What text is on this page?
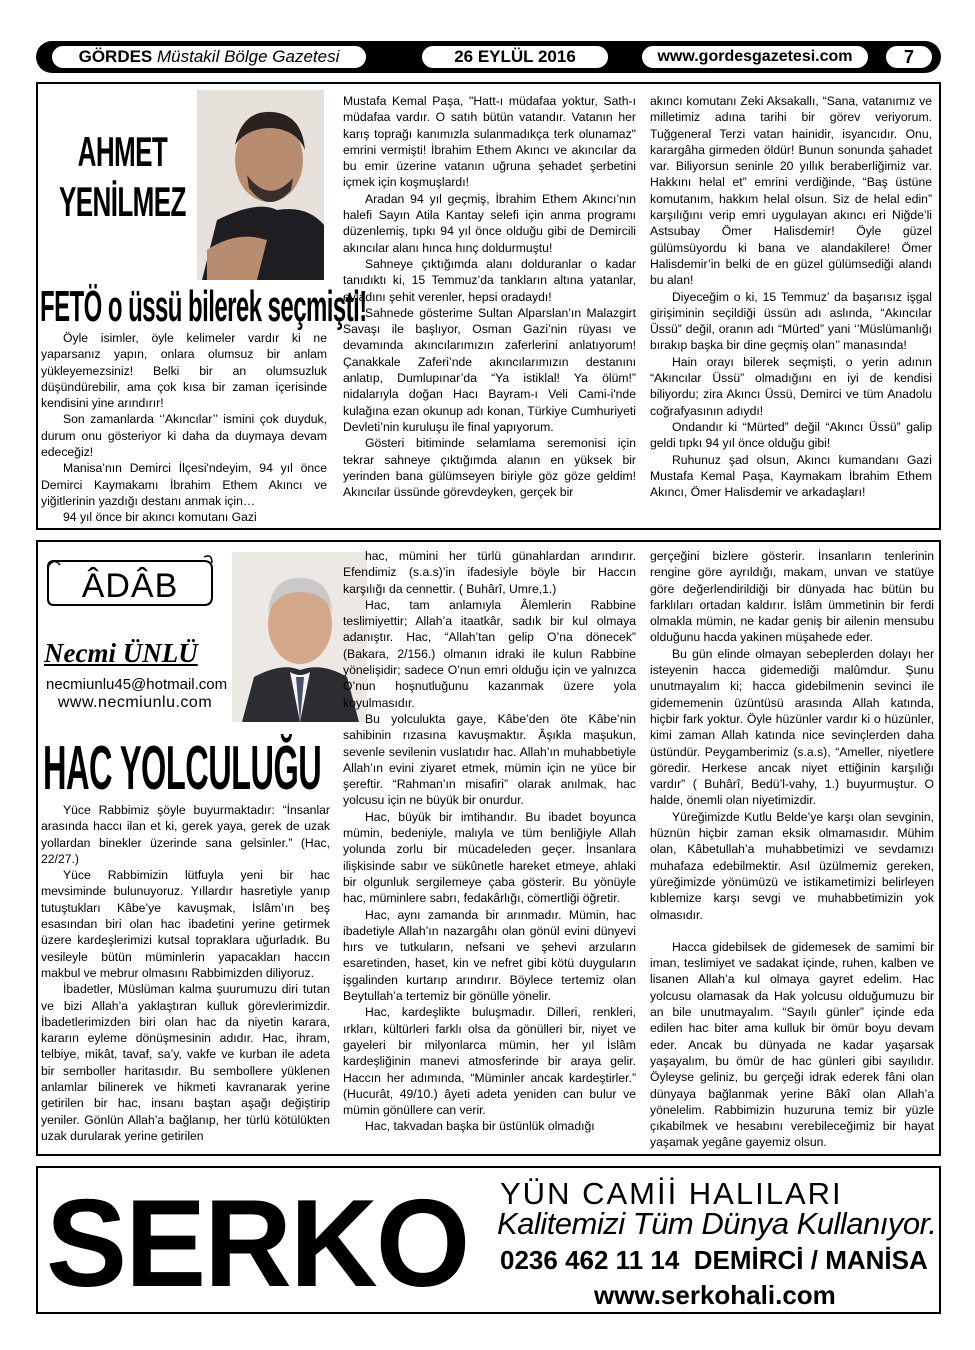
GÖRDES
Müstakil Bölge Gazetesi	26 EYLÜL 2016	www.gordesgazetesi.com	7
AHMET
YENİLMEZ
FETÖ o üssü bilerek seçmişti!

Öyle isimler, öyle kelimeler vardır ki ne yaparsanız yapın, onlara olumsuz bir anlam yükleyemezsiniz! Belki bir an olumsuzluk düşündürebilir, ama çok kısa bir zaman içerisinde kendisini yine arındırır!

Son zamanlarda ‘’Akıncılar’’ ismini çok duyduk, durum onu gösteriyor ki daha da duymaya devam edeceğiz!

Manisa’nın Demirci İlçesi'ndeyim, 94 yıl önce Demirci Kaymakamı İbrahim Ethem Akıncı ve yiğitlerinin yazdığı destanı anmak için…

94 yıl önce bir akıncı komutanı Gazi

Mustafa Kemal Paşa, "Hatt-ı müdafaa yoktur, Sath-ı müdafaa vardır. O satıh bütün vatandır. Vatanın her karış toprağı kanımızla sulanmadıkça terk olunamaz" emrini vermişti! İbrahim Ethem Akıncı ve akıncılar da bu emir üzerine vatanın uğruna şehadet şerbetini içmek için koşmuşlardı!

Aradan 94 yıl geçmiş, İbrahim Ethem Akıncı’nın halefi Sayın Atila Kantay selefi için anma programı düzenlemiş, tıpkı 94 yıl önce olduğu gibi de Demircili akıncılar alanı hınca hınç doldurmuştu!

Sahneye çıktığımda alanı dolduranlar o kadar tanıdıktı ki, 15 Temmuz’da tankların altına yatanlar, evladını şehit verenler, hepsi oradaydı!

Sahnede gösterime Sultan Alparslan’ın Malazgirt Savaşı ile başlıyor, Osman Gazi’nin rüyası ve devamında akıncılarımızın zaferlerini anlatıyorum! Çanakkale Zaferi’nde akıncılarımızın destanını anlatıp, Dumlupınar’da “Ya istiklal! Ya ölüm!” nidalarıyla doğan Hacı Bayram-ı Veli Cami-i'nde kulağına ezan okunup adı konan, Türkiye Cumhuriyeti Devleti’nin kuruluşu ile final yapıyorum.

Gösteri bitiminde selamlama seremonisi için tekrar sahneye çıktığımda alanın en yüksek bir yerinden bana gülümseyen biriyle göz göze geldim! Akıncılar üssünde görevdeyken, gerçek bir

akıncı komutanı Zeki Aksakallı, “Sana, vatanımız ve milletimiz adına tarihi bir görev veriyorum. Tuğgeneral Terzi vatan hainidir, isyancıdır. Onu, karargâha girmeden öldür! Bunun sonunda şahadet var. Biliyorsun seninle 20 yıllık beraberliğimiz var. Hakkını helal et” emrini verdiğinde, “Baş üstüne komutanım, hakkım helal olsun. Siz de helal edin” karşılığını verip emri uygulayan akıncı eri Niğde’li Astsubay Ömer Halisdemir! Öyle güzel gülümsüyordu ki bana ve alandakilere! Ömer Halisdemir’in belki de en güzel gülümsediği alandı bu alan!

Diyeceğim o ki, 15 Temmuz’ da başarısız işgal girişiminin seçildiği üssün adı aslında, “Akıncılar Üssü” değil, oranın adı “Mürted” yani ‘’Müslümanlığı bırakıp başka bir dine geçmiş olan’’ manasında!

Hain orayı bilerek seçmişti, o yerin adının “Akıncılar Üssü” olmadığını en iyi de kendisi biliyordu; zira Akıncı Üssü, Demirci ve tüm Anadolu coğrafyasının adıydı!

Ondandır ki “Mürted” değil “Akıncı Üssü” galip geldi tıpkı 94 yıl önce olduğu gibi!

Ruhunuz şad olsun, Akıncı kumandanı Gazi Mustafa Kemal Paşa, Kaymakam İbrahim Ethem Akıncı, Ömer Halisdemir ve arkadaşları!

ÂDÂB
Necmi ÜNLÜ
necmiunlu45@hotmail.com
www.necmiunlu.com
HAC YOLCULUĞU

Yüce Rabbimiz şöyle buyurmaktadır: “İnsanlar arasında haccı ilan et ki, gerek yaya, gerek de uzak yollardan binekler üzerinde sana gelsinler.” (Hac, 22/27.)

Yüce Rabbimizin lütfuyla yeni bir hac mevsiminde bulunuyoruz. Yıllardır hasretiyle yanıp tutuştukları Kâbe’ye kavuşmak, İslâm’ın beş esasından biri olan hac ibadetini yerine getirmek üzere kardeşlerimizi kutsal topraklara uğurladık. Bu vesileyle bütün müminlerin yapacakları haccın makbul ve mebrur olmasını Rabbimizden diliyoruz.

İbadetler, Müslüman kalma şuurumuzu diri tutan ve bizi Allah’a yaklaştıran kulluk görevlerimizdir. İbadetlerimizden biri olan hac da niyetin karara, kararın eyleme dönüşmesinin adıdır. Hac, ihram, telbiye, mikât, tavaf, sa’y, vakfe ve kurban ile adeta bir semboller haritasıdır. Bu sembollere yüklenen anlamlar bilinerek ve hikmeti kavranarak yerine getirilen bir hac, insanı baştan aşağı değiştirip yeniler. Gönlün Allah’a bağlanıp, her türlü kötülükten uzak durularak yerine getirilen

hac, mümini her türlü günahlardan arındırır. Efendimiz (s.a.s)’in ifadesiyle böyle bir Haccın karşılığı da cennettir. ( Buhârî, Umre,1.)

Hac, tam anlamıyla Âlemlerin Rabbine teslimiyettir; Allah’a itaatkâr, sadık bir kul olmaya adanıştır. Hac, “Allah’tan gelip O’na dönecek” (Bakara, 2/156.) olmanın idraki ile kulun Rabbine yönelişidir; sadece O’nun emri olduğu için ve yalnızca O’nun hoşnutluğunu kazanmak üzere yola koyulmasıdır.

Bu yolculukta gaye, Kâbe’den öte Kâbe’nin sahibinin rızasına kavuşmaktır. Âşıkla maşukun, sevenle sevilenin vuslatıdır hac. Allah’ın muhabbetiyle Allah’ın evini ziyaret etmek, mümin için ne yüce bir şereftir. “Rahman’ın misafiri” olarak anılmak, hac yolcusu için ne büyük bir onurdur.

Hac, büyük bir imtihandır. Bu ibadet boyunca mümin, bedeniyle, malıyla ve tüm benliğiyle Allah yolunda zorlu bir mücadeleden geçer. İnsanlara ilişkisinde sabır ve sükûnetle hareket etmeye, ahlaki bir olgunluk sergilemeye çaba gösterir. Bu yönüyle hac, müminlere sabrı, fedakârlığı, cömertliği öğretir.

Hac, aynı zamanda bir arınmadır. Mümin, hac ibadetiyle Allah’ın nazargâhı olan gönül evini dünyevi hırs ve tutkuların, nefsani ve şehevi arzuların esaretinden, haset, kin ve nefret gibi kötü duyguların işgalinden kurtarıp arındırır. Böylece tertemiz olan Beytullah’a tertemiz bir gönülle yönelir.

Hac, kardeşlikte buluşmadır. Dilleri, renkleri, ırkları, kültürleri farklı olsa da gönülleri bir, niyet ve gayeleri bir milyonlarca mümin, her yıl İslâm kardeşliğinin manevi atmosferinde bir araya gelir. Haccın her adımında, “Müminler ancak kardeştirler.” (Hucurât, 49/10.) âyeti adeta yeniden can bulur ve mümin gönüllere can verir.

Hac, takvadan başka bir üstünlük olmadığı

gerçeğini bizlere gösterir. İnsanların tenlerinin rengine göre ayrıldığı, makam, unvan ve statüye göre değerlendirildiği bir dünyada hac bütün bu farklıları ortadan kaldırır. İslâm ümmetinin bir ferdi olmakla mümin, ne kadar geniş bir ailenin mensubu olduğunu hacda yakinen müşahede eder.

Bu gün elinde olmayan sebeplerden dolayı her isteyenin hacca gidemediği malûmdur. Şunu unutmayalım ki; hacca gidebilmenin sevinci ile gidememenin üzüntüsü arasında Allah katında, hiçbir fark yoktur. Öyle hüzünler vardır ki o hüzünler, kimi zaman Allah katında nice sevinçlerden daha üstündür. Peygamberimiz (s.a.s), “Ameller, niyetlere göredir. Herkese ancak niyet ettiğinin karşılığı vardır” ( Buhârî, Bedü’l-vahy, 1.) buyurmuştur. O halde, önemli olan niyetimizdir.

Yüreğimizde Kutlu Belde’ye karşı olan sevginin, hüznün hiçbir zaman eksik olmamasıdır. Mühim olan, Kâbetullah’a muhabbetimizi ve sevdamızı muhafaza edebilmektir. Asıl üzülmemiz gereken, yüreğimizde yönümüzü ve istikametimizi belirleyen kıblemize karşı sevgi ve muhabbetimizin yok olmasıdır.

Hacca gidebilsek de gidemesek de samimi bir iman, teslimiyet ve sadakat içinde, ruhen, kalben ve lisanen Allah’a kul olmaya gayret edelim. Hac yolcusu olamasak da Hak yolcusu olduğumuzu bir an bile unutmayalım. “Sayılı günler” içinde eda edilen hac biter ama kulluk bir ömür boyu devam eder. Ancak bu dünyada ne kadar yaşarsak yaşayalım, bu ömür de hac günleri gibi sayılıdır. Öyleyse geliniz, bu gerçeği idrak ederek fâni olan dünyaya bağlanmak yerine Bâkî olan Allah’a yönelelim. Rabbimizin huzuruna temiz bir yüzle çıkabilmek ve hesabını verebileceğimiz bir hayat yaşamak yegâne gayemiz olsun.

SERKO YÜN CAMİİ HALILARI
Kalitemizi Tüm Dünya Kullanıyor.
0236 462 11 14 DEMİRCİ / MANİSA
www.serkohali.com
